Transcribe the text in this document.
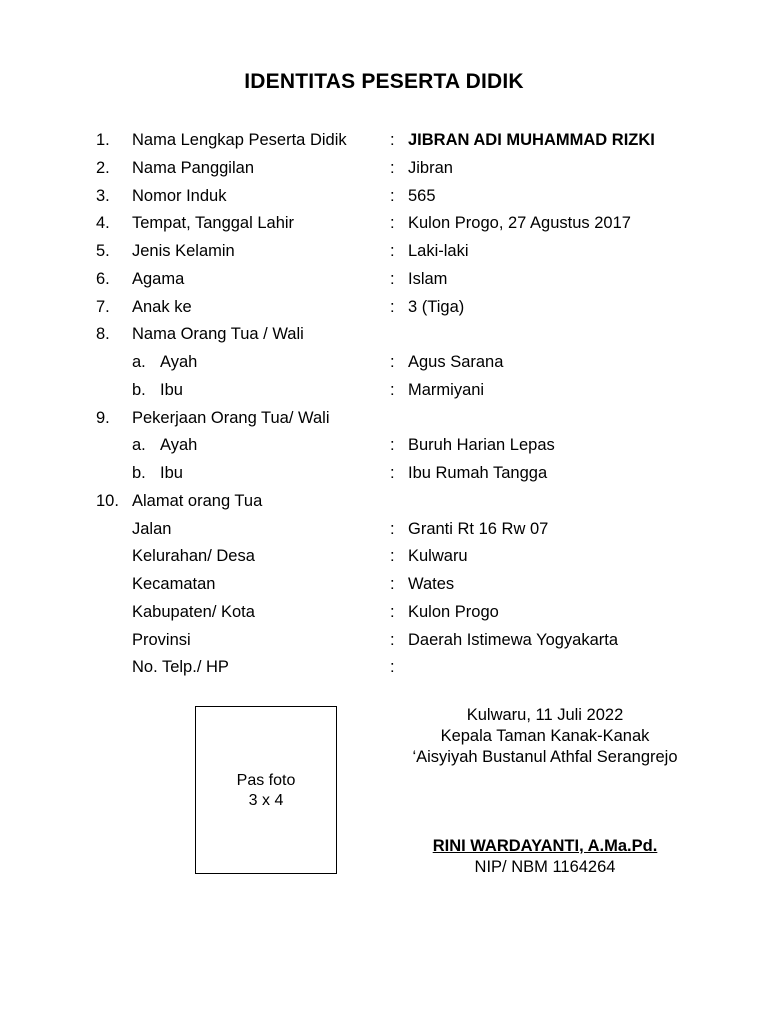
IDENTITAS PESERTA DIDIK
1. Nama Lengkap Peserta Didik	: JIBRAN ADI MUHAMMAD RIZKI
2. Nama Panggilan	: Jibran
3. Nomor Induk	: 565
4. Tempat, Tanggal Lahir	: Kulon Progo, 27 Agustus 2017
5. Jenis Kelamin	: Laki-laki
6. Agama	: Islam
7. Anak ke	: 3 (Tiga)
8. Nama Orang Tua / Wali
a. Ayah	: Agus Sarana
b. Ibu	: Marmiyani
9. Pekerjaan Orang Tua/ Wali
a. Ayah	: Buruh Harian Lepas
b. Ibu	: Ibu Rumah Tangga
10. Alamat orang Tua
Jalan	: Granti Rt 16 Rw 07
Kelurahan/ Desa	: Kulwaru
Kecamatan	: Wates
Kabupaten/ Kota	: Kulon Progo
Provinsi	: Daerah Istimewa Yogyakarta
No. Telp./ HP	:
Pas foto
3 x 4
Kulwaru, 11 Juli 2022
Kepala Taman Kanak-Kanak
‘Aisyiyah Bustanul Athfal Serangrejo
RINI WARDAYANTI, A.Ma.Pd.
NIP/ NBM 1164264
